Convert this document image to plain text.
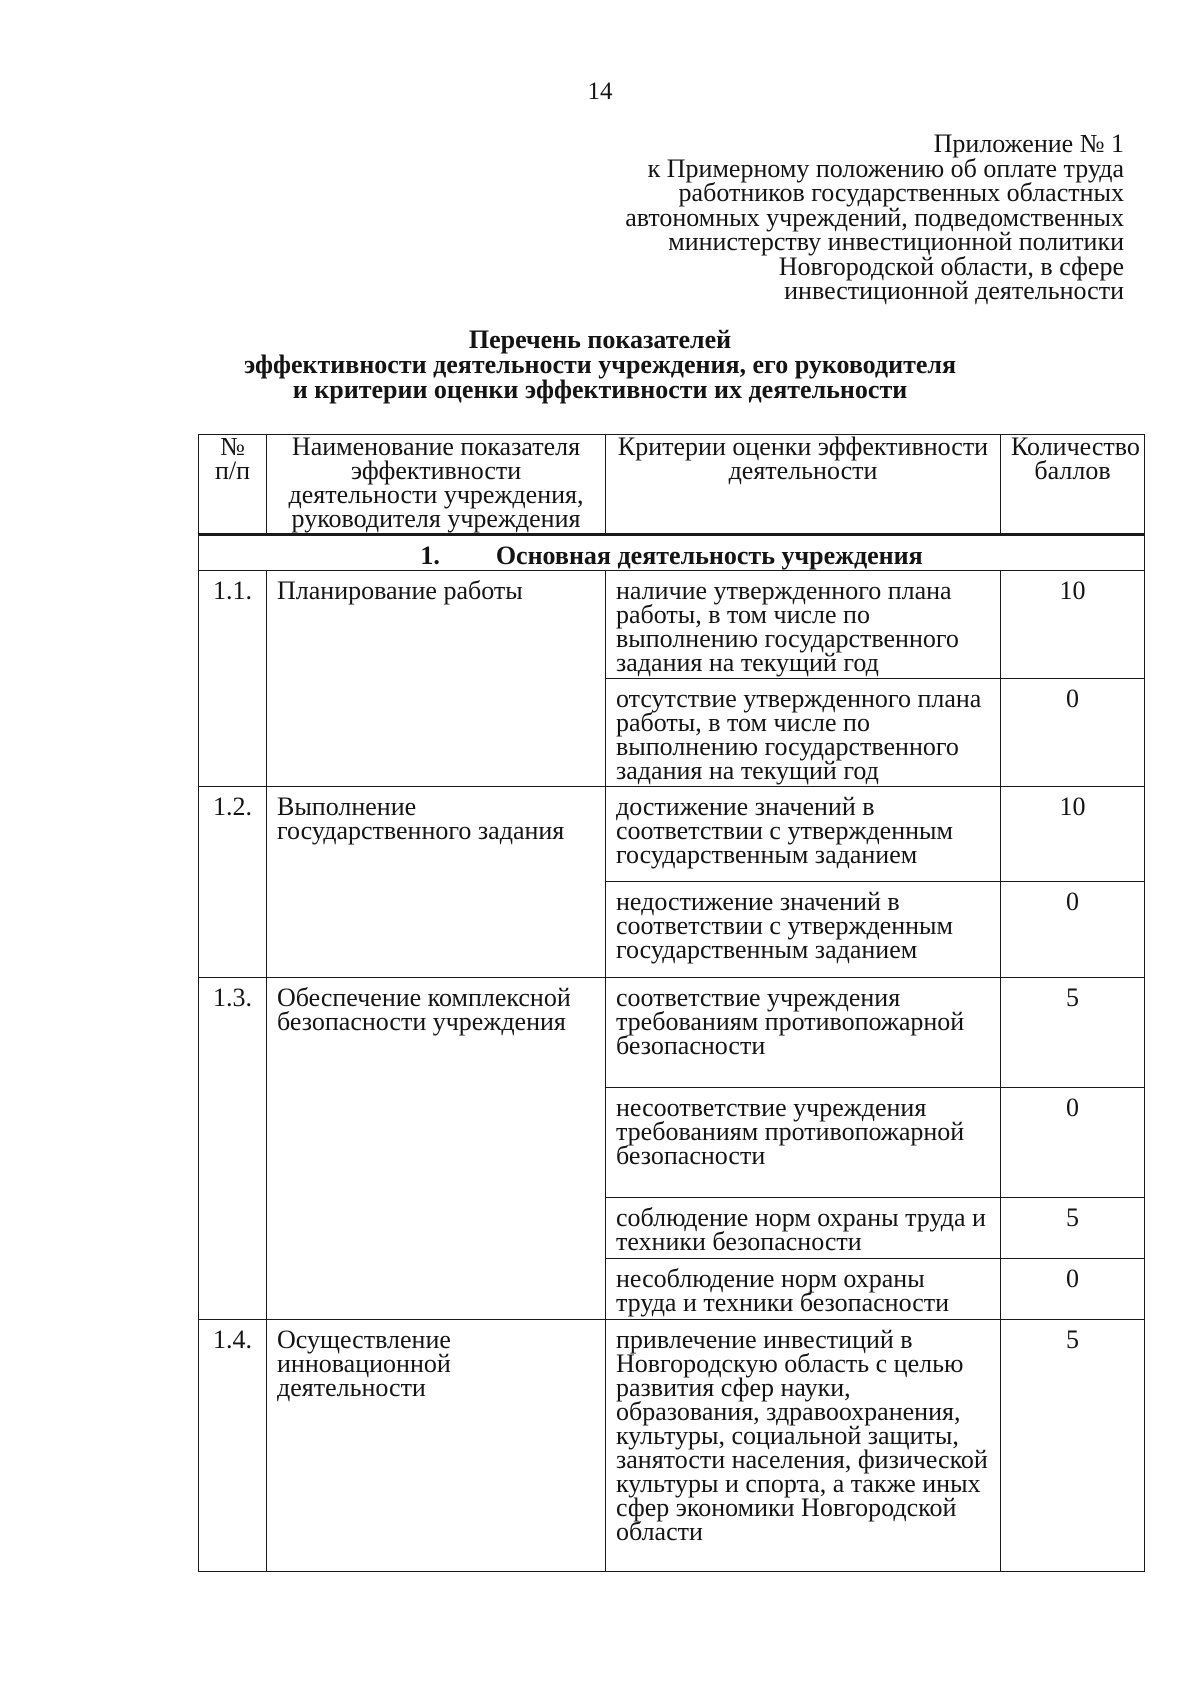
14
Приложение № 1
к Примерному положению об оплате труда
работников государственных областных
автономных учреждений, подведомственных
министерству инвестиционной политики
Новгородской области, в сфере
инвестиционной деятельности
Перечень показателей
эффективности деятельности учреждения, его руководителя
и критерии оценки эффективности их деятельности
№ п/п	Наименование показателя эффективности деятельности учреждения, руководителя учреждения	Критерии оценки эффективности деятельности	Количество баллов
1. Основная деятельность учреждения			
1.1.	Планирование работы	наличие утвержденного плана работы, в том числе по выполнению государственного задания на текущий год	10
		отсутствие утвержденного плана работы, в том числе по выполнению государственного задания на текущий год	0
1.2.	Выполнение государственного задания	достижение значений в соответствии с утвержденным государственным заданием	10
		недостижение значений в соответствии с утвержденным государственным заданием	0
1.3.	Обеспечение комплексной безопасности учреждения	соответствие учреждения требованиям противопожарной безопасности	5
		несоответствие учреждения требованиям противопожарной безопасности	0
		соблюдение норм охраны труда и техники безопасности	5
		несоблюдение норм охраны труда и техники безопасности	0
1.4.	Осуществление инновационной деятельности	привлечение инвестиций в Новгородскую область с целью развития сфер науки, образования, здравоохранения, культуры, социальной защиты, занятости населения, физической культуры и спорта, а также иных сфер экономики Новгородской области	5
